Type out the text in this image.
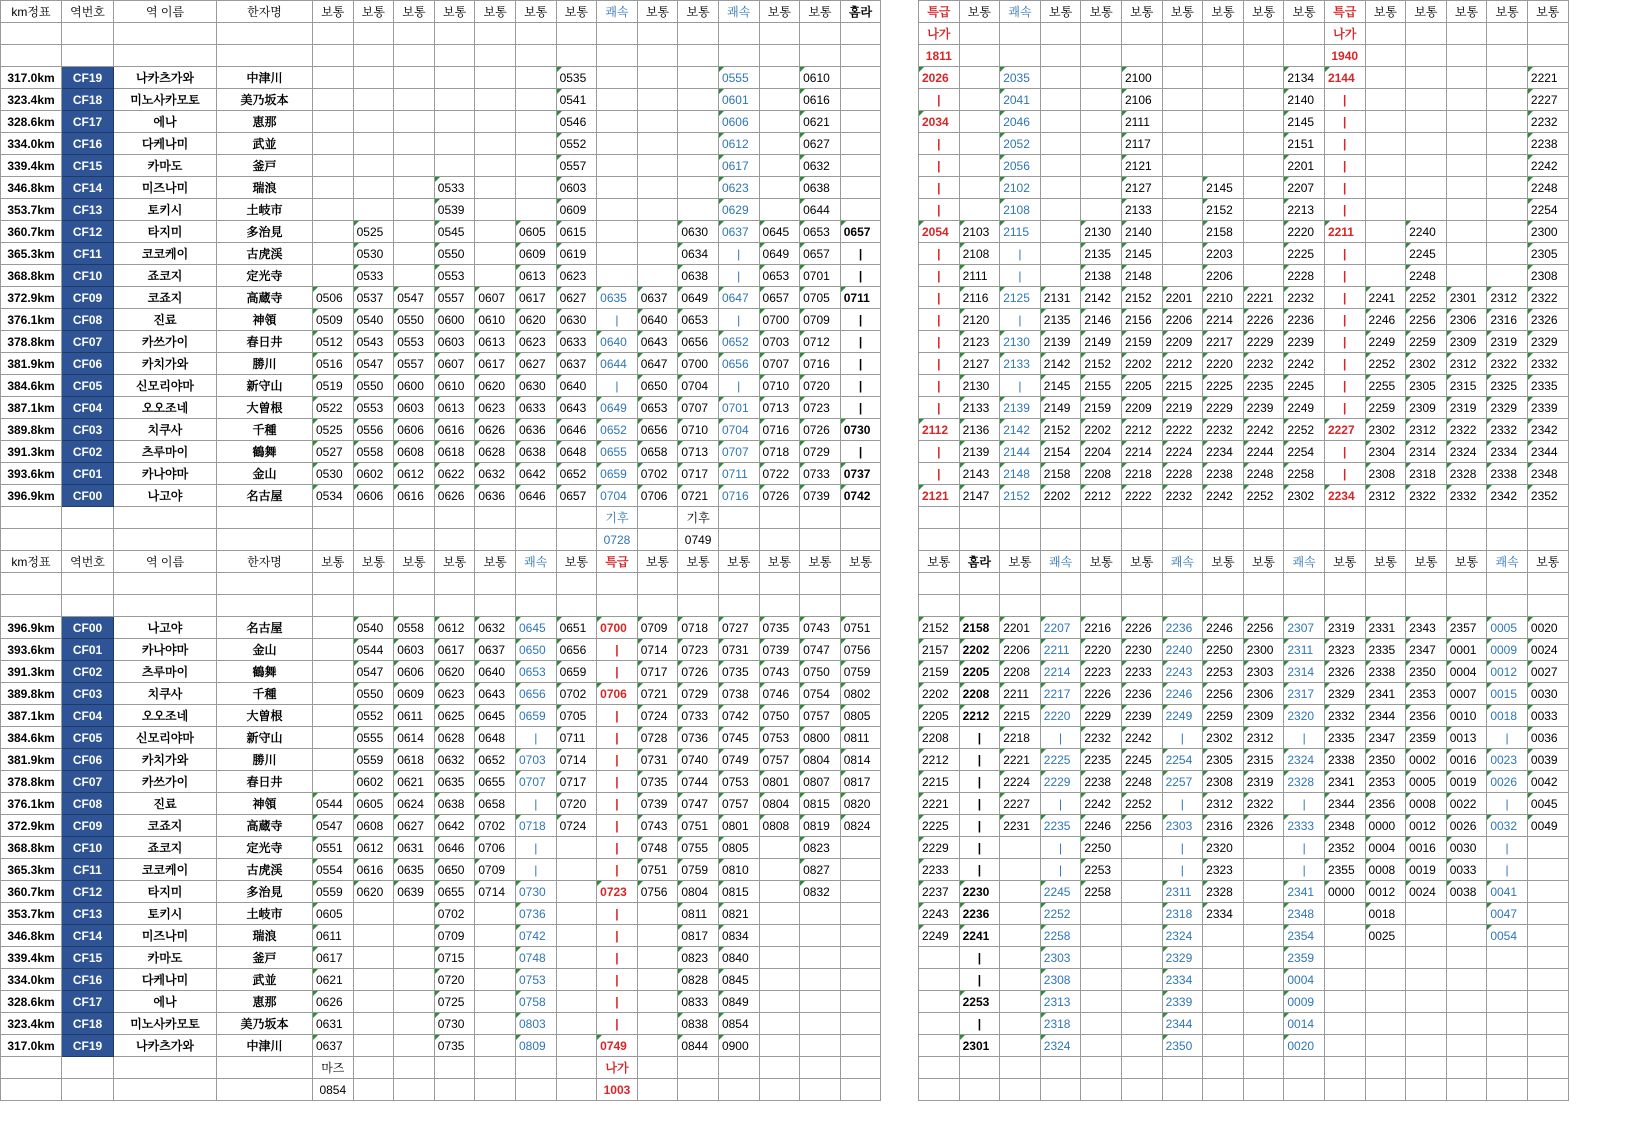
km정표	역번호	역 이름	한자명	보통	보통	보통	보통	보통	보통	보통	쾌속	보통	보통	쾌속	보통	보통	홈라

317.0km	CF19	나카츠가와	中津川							0535				0555		0610	
323.4km	CF18	미노사카모토	美乃坂本							0541				0601		0616	
328.6km	CF17	에나	恵那							0546				0606		0621	
334.0km	CF16	다케나미	武並							0552				0612		0627	
339.4km	CF15	카마도	釜戸							0557				0617		0632	
346.8km	CF14	미즈나미	瑞浪				0533			0603				0623		0638	
353.7km	CF13	토키시	土岐市				0539			0609				0629		0644	
360.7km	CF12	타지미	多治見		0525		0545		0605	0615			0630	0637	0645	0653	0657
365.3km	CF11	코코케이	古虎渓		0530		0550		0609	0619			0634	|	0649	0657	|
368.8km	CF10	죠코지	定光寺		0533		0553		0613	0623			0638	|	0653	0701	|
372.9km	CF09	코죠지	高蔵寺	0506	0537	0547	0557	0607	0617	0627	0635	0637	0649	0647	0657	0705	0711
376.1km	CF08	진료	神領	0509	0540	0550	0600	0610	0620	0630	|	0640	0653	|	0700	0709	|
378.8km	CF07	카쓰가이	春日井	0512	0543	0553	0603	0613	0623	0633	0640	0643	0656	0652	0703	0712	|
381.9km	CF06	카치가와	勝川	0516	0547	0557	0607	0617	0627	0637	0644	0647	0700	0656	0707	0716	|
384.6km	CF05	신모리야마	新守山	0519	0550	0600	0610	0620	0630	0640	|	0650	0704	|	0710	0720	|
387.1km	CF04	오오조네	大曽根	0522	0553	0603	0613	0623	0633	0643	0649	0653	0707	0701	0713	0723	|
389.8km	CF03	치쿠사	千種	0525	0556	0606	0616	0626	0636	0646	0652	0656	0710	0704	0716	0726	0730
391.3km	CF02	츠루마이	鶴舞	0527	0558	0608	0618	0628	0638	0648	0655	0658	0713	0707	0718	0729	|
393.6km	CF01	카나야마	金山	0530	0602	0612	0622	0632	0642	0652	0659	0702	0717	0711	0722	0733	0737
396.9km	CF00	나고야	名古屋	0534	0606	0616	0626	0636	0646	0657	0704	0706	0721	0716	0726	0739	0742
											기후		기후				
											0728		0749				
특급	보통	쾌속	보통	보통	보통	보통	보통	보통	보통	특급	보통	보통	보통	보통	보통
나가										나가					
1811										1940					
2026		2035			2100				2134	2144					2221
|		2041			2106				2140	|					2227
2034		2046			2111				2145	|					2232
|		2052			2117				2151	|					2238
|		2056			2121				2201	|					2242
|		2102			2127		2145		2207	|					2248
|		2108			2133		2152		2213	|					2254
2054	2103	2115		2130	2140		2158		2220	2211		2240			2300
|	2108	|		2135	2145		2203		2225	|		2245			2305
|	2111	|		2138	2148		2206		2228	|		2248			2308
|	2116	2125	2131	2142	2152	2201	2210	2221	2232	|	2241	2252	2301	2312	2322
|	2120	|	2135	2146	2156	2206	2214	2226	2236	|	2246	2256	2306	2316	2326
|	2123	2130	2139	2149	2159	2209	2217	2229	2239	|	2249	2259	2309	2319	2329
|	2127	2133	2142	2152	2202	2212	2220	2232	2242	|	2252	2302	2312	2322	2332
|	2130	|	2145	2155	2205	2215	2225	2235	2245	|	2255	2305	2315	2325	2335
|	2133	2139	2149	2159	2209	2219	2229	2239	2249	|	2259	2309	2319	2329	2339
2112	2136	2142	2152	2202	2212	2222	2232	2242	2252	2227	2302	2312	2322	2332	2342
|	2139	2144	2154	2204	2214	2224	2234	2244	2254	|	2304	2314	2324	2334	2344
|	2143	2148	2158	2208	2218	2228	2238	2248	2258	|	2308	2318	2328	2338	2348
2121	2147	2152	2202	2212	2222	2232	2242	2252	2302	2234	2312	2322	2332	2342	2352

km정표	역번호	역 이름	한자명	보통	보통	보통	보통	보통	쾌속	보통	특급	보통	보통	보통	보통	보통	보통

396.9km	CF00	나고야	名古屋		0540	0558	0612	0632	0645	0651	0700	0709	0718	0727	0735	0743	0751
393.6km	CF01	카나야마	金山		0544	0603	0617	0637	0650	0656	|	0714	0723	0731	0739	0747	0756
391.3km	CF02	츠루마이	鶴舞		0547	0606	0620	0640	0653	0659	|	0717	0726	0735	0743	0750	0759
389.8km	CF03	치쿠사	千種		0550	0609	0623	0643	0656	0702	0706	0721	0729	0738	0746	0754	0802
387.1km	CF04	오오조네	大曽根		0552	0611	0625	0645	0659	0705	|	0724	0733	0742	0750	0757	0805
384.6km	CF05	신모리야마	新守山		0555	0614	0628	0648	|	0711	|	0728	0736	0745	0753	0800	0811
381.9km	CF06	카치가와	勝川		0559	0618	0632	0652	0703	0714	|	0731	0740	0749	0757	0804	0814
378.8km	CF07	카쓰가이	春日井		0602	0621	0635	0655	0707	0717	|	0735	0744	0753	0801	0807	0817
376.1km	CF08	진료	神領	0544	0605	0624	0638	0658	|	0720	|	0739	0747	0757	0804	0815	0820
372.9km	CF09	코죠지	高蔵寺	0547	0608	0627	0642	0702	0718	0724	|	0743	0751	0801	0808	0819	0824
368.8km	CF10	죠코지	定光寺	0551	0612	0631	0646	0706	|		|	0748	0755	0805		0823	
365.3km	CF11	코코케이	古虎渓	0554	0616	0635	0650	0709	|		|	0751	0759	0810		0827	
360.7km	CF12	타지미	多治見	0559	0620	0639	0655	0714	0730		0723	0756	0804	0815		0832	
353.7km	CF13	토키시	土岐市	0605			0702		0736		|		0811	0821			
346.8km	CF14	미즈나미	瑞浪	0611			0709		0742		|		0817	0834			
339.4km	CF15	카마도	釜戸	0617			0715		0748		|		0823	0840			
334.0km	CF16	다케나미	武並	0621			0720		0753		|		0828	0845			
328.6km	CF17	에나	恵那	0626			0725		0758		|		0833	0849			
323.4km	CF18	미노사카모토	美乃坂本	0631			0730		0803		|		0838	0854			
317.0km	CF19	나카츠가와	中津川	0637			0735		0809		0749		0844	0900			
				마즈							나가						
				0854							1003						
보통	홈라	보통	쾌속	보통	보통	쾌속	보통	보통	쾌속	보통	보통	보통	보통	쾌속	보통

2152	2158	2201	2207	2216	2226	2236	2246	2256	2307	2319	2331	2343	2357	0005	0020
2157	2202	2206	2211	2220	2230	2240	2250	2300	2311	2323	2335	2347	0001	0009	0024
2159	2205	2208	2214	2223	2233	2243	2253	2303	2314	2326	2338	2350	0004	0012	0027
2202	2208	2211	2217	2226	2236	2246	2256	2306	2317	2329	2341	2353	0007	0015	0030
2205	2212	2215	2220	2229	2239	2249	2259	2309	2320	2332	2344	2356	0010	0018	0033
2208	|	2218	|	2232	2242	|	2302	2312	|	2335	2347	2359	0013	|	0036
2212	|	2221	2225	2235	2245	2254	2305	2315	2324	2338	2350	0002	0016	0023	0039
2215	|	2224	2229	2238	2248	2257	2308	2319	2328	2341	2353	0005	0019	0026	0042
2221	|	2227	|	2242	2252	|	2312	2322	|	2344	2356	0008	0022	|	0045
2225	|	2231	2235	2246	2256	2303	2316	2326	2333	2348	0000	0012	0026	0032	0049
2229	|		|	2250		|	2320		|	2352	0004	0016	0030	|	
2233	|		|	2253		|	2323		|	2355	0008	0019	0033	|	
2237	2230		2245	2258		2311	2328		2341	0000	0012	0024	0038	0041	
2243	2236		2252			2318	2334		2348		0018			0047	
2249	2241		2258			2324			2354		0025			0054	
	|		2303			2329			2359						
	|		2308			2334			0004						
	2253		2313			2339			0009						
	|		2318			2344			0014						
	2301		2324			2350			0020						
